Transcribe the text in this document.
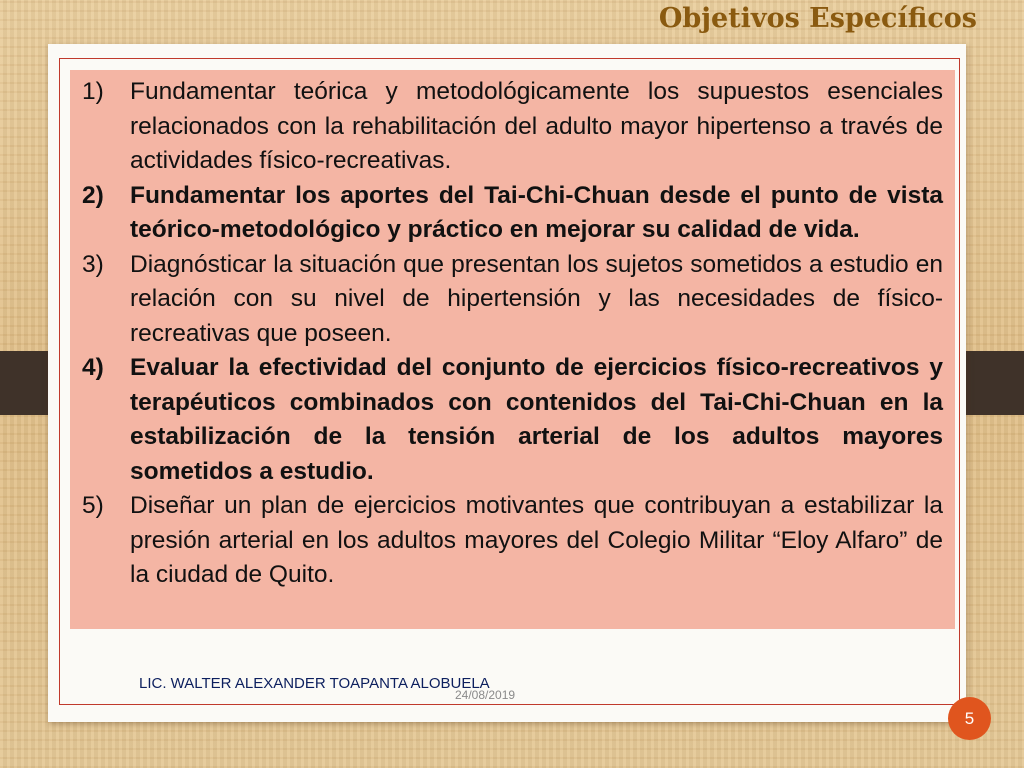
Objetivos Específicos
1) Fundamentar teórica y metodológicamente los supuestos esenciales relacionados con la rehabilitación del adulto mayor hipertenso a través de actividades físico-recreativas.
2) Fundamentar los aportes del Tai-Chi-Chuan desde el punto de vista teórico-metodológico y práctico en mejorar su calidad de vida.
3) Diagnósticar la situación que presentan los sujetos sometidos a estudio en relación con su nivel de hipertensión y las necesidades de físico-recreativas que poseen.
4) Evaluar la efectividad del conjunto de ejercicios físico-recreativos y terapéuticos combinados con contenidos del Tai-Chi-Chuan en la estabilización de la tensión arterial de los adultos mayores sometidos a estudio.
5) Diseñar un plan de ejercicios motivantes que contribuyan a estabilizar la presión arterial en los adultos mayores del Colegio Militar “Eloy Alfaro” de la ciudad de Quito.
LIC. WALTER ALEXANDER TOAPANTA ALOBUELA
24/08/2019
5
